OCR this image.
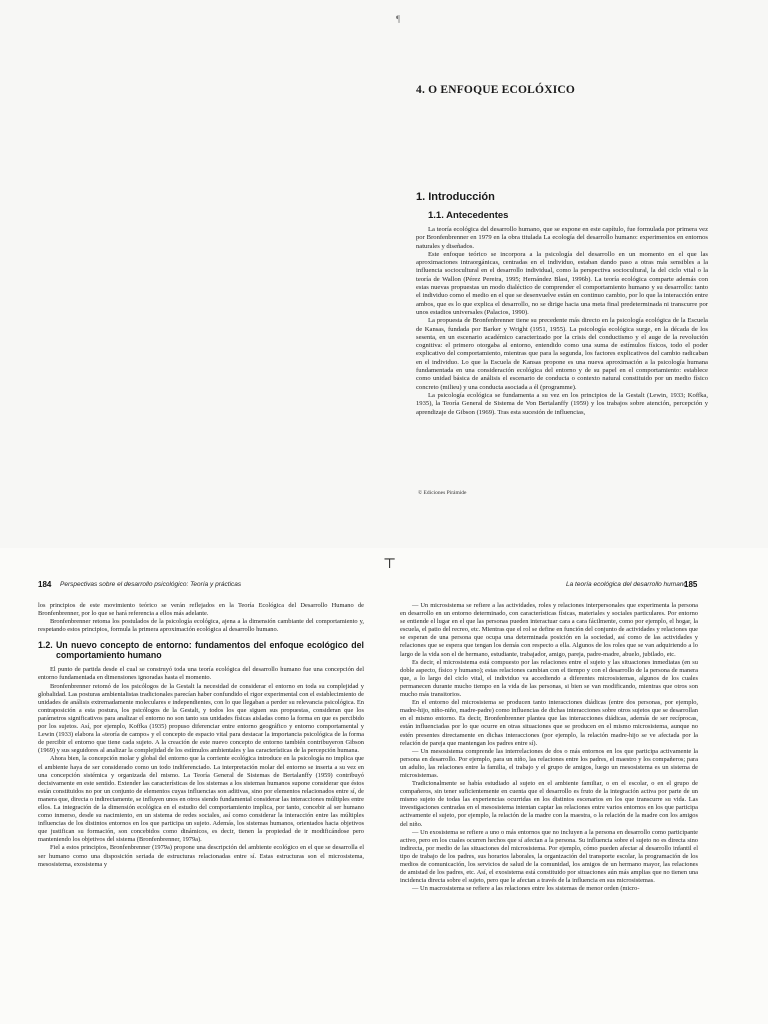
¶
4. O ENFOQUE ECOLÓXICO
1. Introducción
1.1. Antecedentes

La teoría ecológica del desarrollo humano, que se expone en este capítulo, fue formulada por primera vez por Bronfenbrenner en 1979 en la obra titulada La ecología del desarrollo humano: experimentos en entornos naturales y diseñados.

Este enfoque teórico se incorpora a la psicología del desarrollo en un momento en el que las aproximaciones intraorgánicas, centradas en el individuo, estaban dando paso a otras más sensibles a la influencia sociocultural en el desarrollo individual, como la perspectiva sociocultural, la del ciclo vital o la teoría de Wallon (Pérez Pereira, 1995; Hernández Blasi, 1996b). La teoría ecológica comparte además con estas nuevas propuestas un modo dialéctico de comprender el comportamiento humano y su desarrollo: tanto el individuo como el medio en el que se desenvuelve están en continuo cambio, por lo que la interacción entre ambos, que es lo que explica el desarrollo, no se dirige hacia una meta final predeterminada ni transcurre por unos estadios universales (Palacios, 1990).

La propuesta de Bronfenbrenner tiene su precedente más directo en la psicología ecológica de la Escuela de Kansas, fundada por Barker y Wright (1951, 1955). La psicología ecológica surge, en la década de los sesenta, en un escenario académico caracterizado por la crisis del conductismo y el auge de la revolución cognitiva: el primero otorgaba al entorno, entendido como una suma de estímulos físicos, todo el poder explicativo del comportamiento, mientras que para la segunda, los factores explicativos del cambio radicaban en el individuo. Lo que la Escuela de Kansas propone es una nueva aproximación a la psicología humana fundamentada en una consideración ecológica del entorno y de su papel en el comportamiento: establece como unidad básica de análisis el escenario de conducta o contexto natural constituido por un medio físico concreto (milieu) y una conducta asociada a él (programme).

La psicología ecológica se fundamenta a su vez en los principios de la Gestalt (Lewin, 1933; Koffka, 1935), la Teoría General de Sistema de Von Bertalanffy (1959) y los trabajos sobre atención, percepción y aprendizaje de Gibson (1969). Tras esta sucesión de influencias,

© Ediciones Pirámide
184 Perspectivas sobre el desarrollo psicológico: Teoría y prácticas

los principios de este movimiento teórico se verán reflejados en la Teoría Ecológica del Desarrollo Humano de Bronfenbrenner, por lo que se hará referencia a ellos más adelante.

Bronfenbrenner retoma los postulados de la psicología ecológica, ajena a la dimensión cambiante del comportamiento y, respetando estos principios, formula la primera aproximación ecológica al desarrollo humano.

1.2. Un nuevo concepto de entorno: fundamentos del enfoque ecológico del comportamiento humano

El punto de partida desde el cual se construyó toda una teoría ecológica del desarrollo humano fue una concepción del entorno fundamentada en dimensiones ignoradas hasta el momento.

Bronfenbrenner retomó de los psicólogos de la Gestalt la necesidad de considerar el entorno en toda su complejidad y globalidad. Las posturas ambientalistas tradicionales parecían haber confundido el rigor experimental con el establecimiento de unidades de análisis extremadamente moleculares e independientes, con lo que llegaban a perder su relevancia psicológica. En contraposición a esta postura, los psicólogos de la Gestalt, y todos los que siguen sus propuestas, consideran que los parámetros significativos para analizar el entorno no son tanto sus unidades físicas aisladas como la forma en que es percibido por los sujetos. Así, por ejemplo, Koffka (1935) propuso diferenciar entre entorno geográfico y entorno comportamental y Lewin (1933) elabora la «teoría de campo» y el concepto de espacio vital para destacar la importancia psicológica de la forma de percibir el entorno que tiene cada sujeto. A la creación de este nuevo concepto de entorno también contribuyeron Gibson (1969) y sus seguidores al analizar la complejidad de los estímulos ambientales y las características de la percepción humana.

Ahora bien, la concepción molar y global del entorno que la corriente ecológica introduce en la psicología no implica que el ambiente haya de ser considerado como un todo indiferenciado. La interpretación molar del entorno se inserta a su vez en una concepción sistémica y organizada del mismo. La Teoría General de Sistemas de Bertalanffy (1959) contribuyó decisivamente en este sentido. Extender las características de los sistemas a los sistemas humanos supone considerar que éstos están constituidos no por un conjunto de elementos cuyas influencias son aditivas, sino por elementos relacionados entre sí, de manera que, directa o indirectamente, se influyen unos en otros siendo fundamental considerar las interacciones múltiples entre ellos. La integración de la dimensión ecológica en el estudio del comportamiento implica, por tanto, concebir al ser humano como inmerso, desde su nacimiento, en un sistema de redes sociales, así como considerar la interacción entre las múltiples influencias de los distintos entornos en los que participa un sujeto. Además, los sistemas humanos, orientados hacia objetivos que justifican su formación, son concebidos como dinámicos, es decir, tienen la propiedad de ir modificándose pero manteniendo los objetivos del sistema (Bronfenbrenner, 1979a).

Fiel a estos principios, Bronfenbrenner (1979a) propone una descripción del ambiente ecológico en el que se desarrolla el ser humano como una disposición seriada de estructuras relacionadas entre sí. Estas estructuras son el microsistema, mesosistema, exosistema y

La teoría ecológica del desarrollo humano
185

— Un microsistema se refiere a las actividades, roles y relaciones interpersonales que experimenta la persona en desarrollo en un entorno determinado, con características físicas, materiales y sociales particulares. Por entorno se entiende el lugar en el que las personas pueden interactuar cara a cara fácilmente, como por ejemplo, el hogar, la escuela, el patio del recreo, etc. Mientras que el rol se define en función del conjunto de actividades y relaciones que se esperan de una persona que ocupa una determinada posición en la sociedad, así como de las actividades y relaciones que se espera que tengan los demás con respecto a ella. Algunos de los roles que se van adquiriendo a lo largo de la vida son el de hermano, estudiante, trabajador, amigo, pareja, padre-madre, abuelo, jubilado, etc.

Es decir, el microsistema está compuesto por las relaciones entre el sujeto y las situaciones inmediatas (en su doble aspecto, físico y humano); estas relaciones cambian con el tiempo y con el desarrollo de la persona de manera que, a lo largo del ciclo vital, el individuo va accediendo a diferentes microsistemas, algunos de los cuales permanecen durante mucho tiempo en la vida de las personas, si bien se van modificando, mientras que otros son mucho más transitorios.

En el entorno del microsistema se producen tanto interacciones diádicas (entre dos personas, por ejemplo, madre-hijo, niño-niño, madre-padre) como influencias de dichas interacciones sobre otros sujetos que se desarrollan en el mismo entorno. Es decir, Bronfenbrenner plantea que las interacciones diádicas, además de ser recíprocas, están influenciadas por lo que ocurre en otras situaciones que se producen en el mismo microsistema, aunque no estén presentes directamente en dichas interacciones (por ejemplo, la relación madre-hijo se ve afectada por la relación de pareja que mantengan los padres entre sí).

— Un mesosistema comprende las interrelaciones de dos o más entornos en los que participa activamente la persona en desarrollo. Por ejemplo, para un niño, las relaciones entre los padres, el maestro y los compañeros; para un adulto, las relaciones entre la familia, el trabajo y el grupo de amigos, luego un mesosistema es un sistema de microsistemas.

Tradicionalmente se había estudiado al sujeto en el ambiente familiar, o en el escolar, o en el grupo de compañeros, sin tener suficientemente en cuenta que el desarrollo es fruto de la integración activa por parte de un mismo sujeto de todas las experiencias ocurridas en los distintos escenarios en los que transcurre su vida. Las investigaciones centradas en el mesosistema intentan captar las relaciones entre varios entornos en los que participa activamente el sujeto, por ejemplo, la relación de la madre con la maestra, o la relación de la madre con los amigos del niño.

— Un exosistema se refiere a uno o más entornos que no incluyen a la persona en desarrollo como participante activo, pero en los cuales ocurren hechos que sí afectan a la persona. Su influencia sobre el sujeto no es directa sino indirecta, por medio de las situaciones del microsistema. Por ejemplo, cómo pueden afectar al desarrollo infantil el tipo de trabajo de los padres, sus horarios laborales, la organización del transporte escolar, la programación de los medios de comunicación, los servicios de salud de la comunidad, los amigos de un hermano mayor, las relaciones de amistad de los padres, etc. Así, el exosistema está constituido por situaciones aún más amplias que no tienen una incidencia directa sobre el sujeto, pero que le afectan a través de la influencia en sus microsistemas.

— Un macrosistema se refiere a las relaciones entre los sistemas de menor orden (micro-

⊤
